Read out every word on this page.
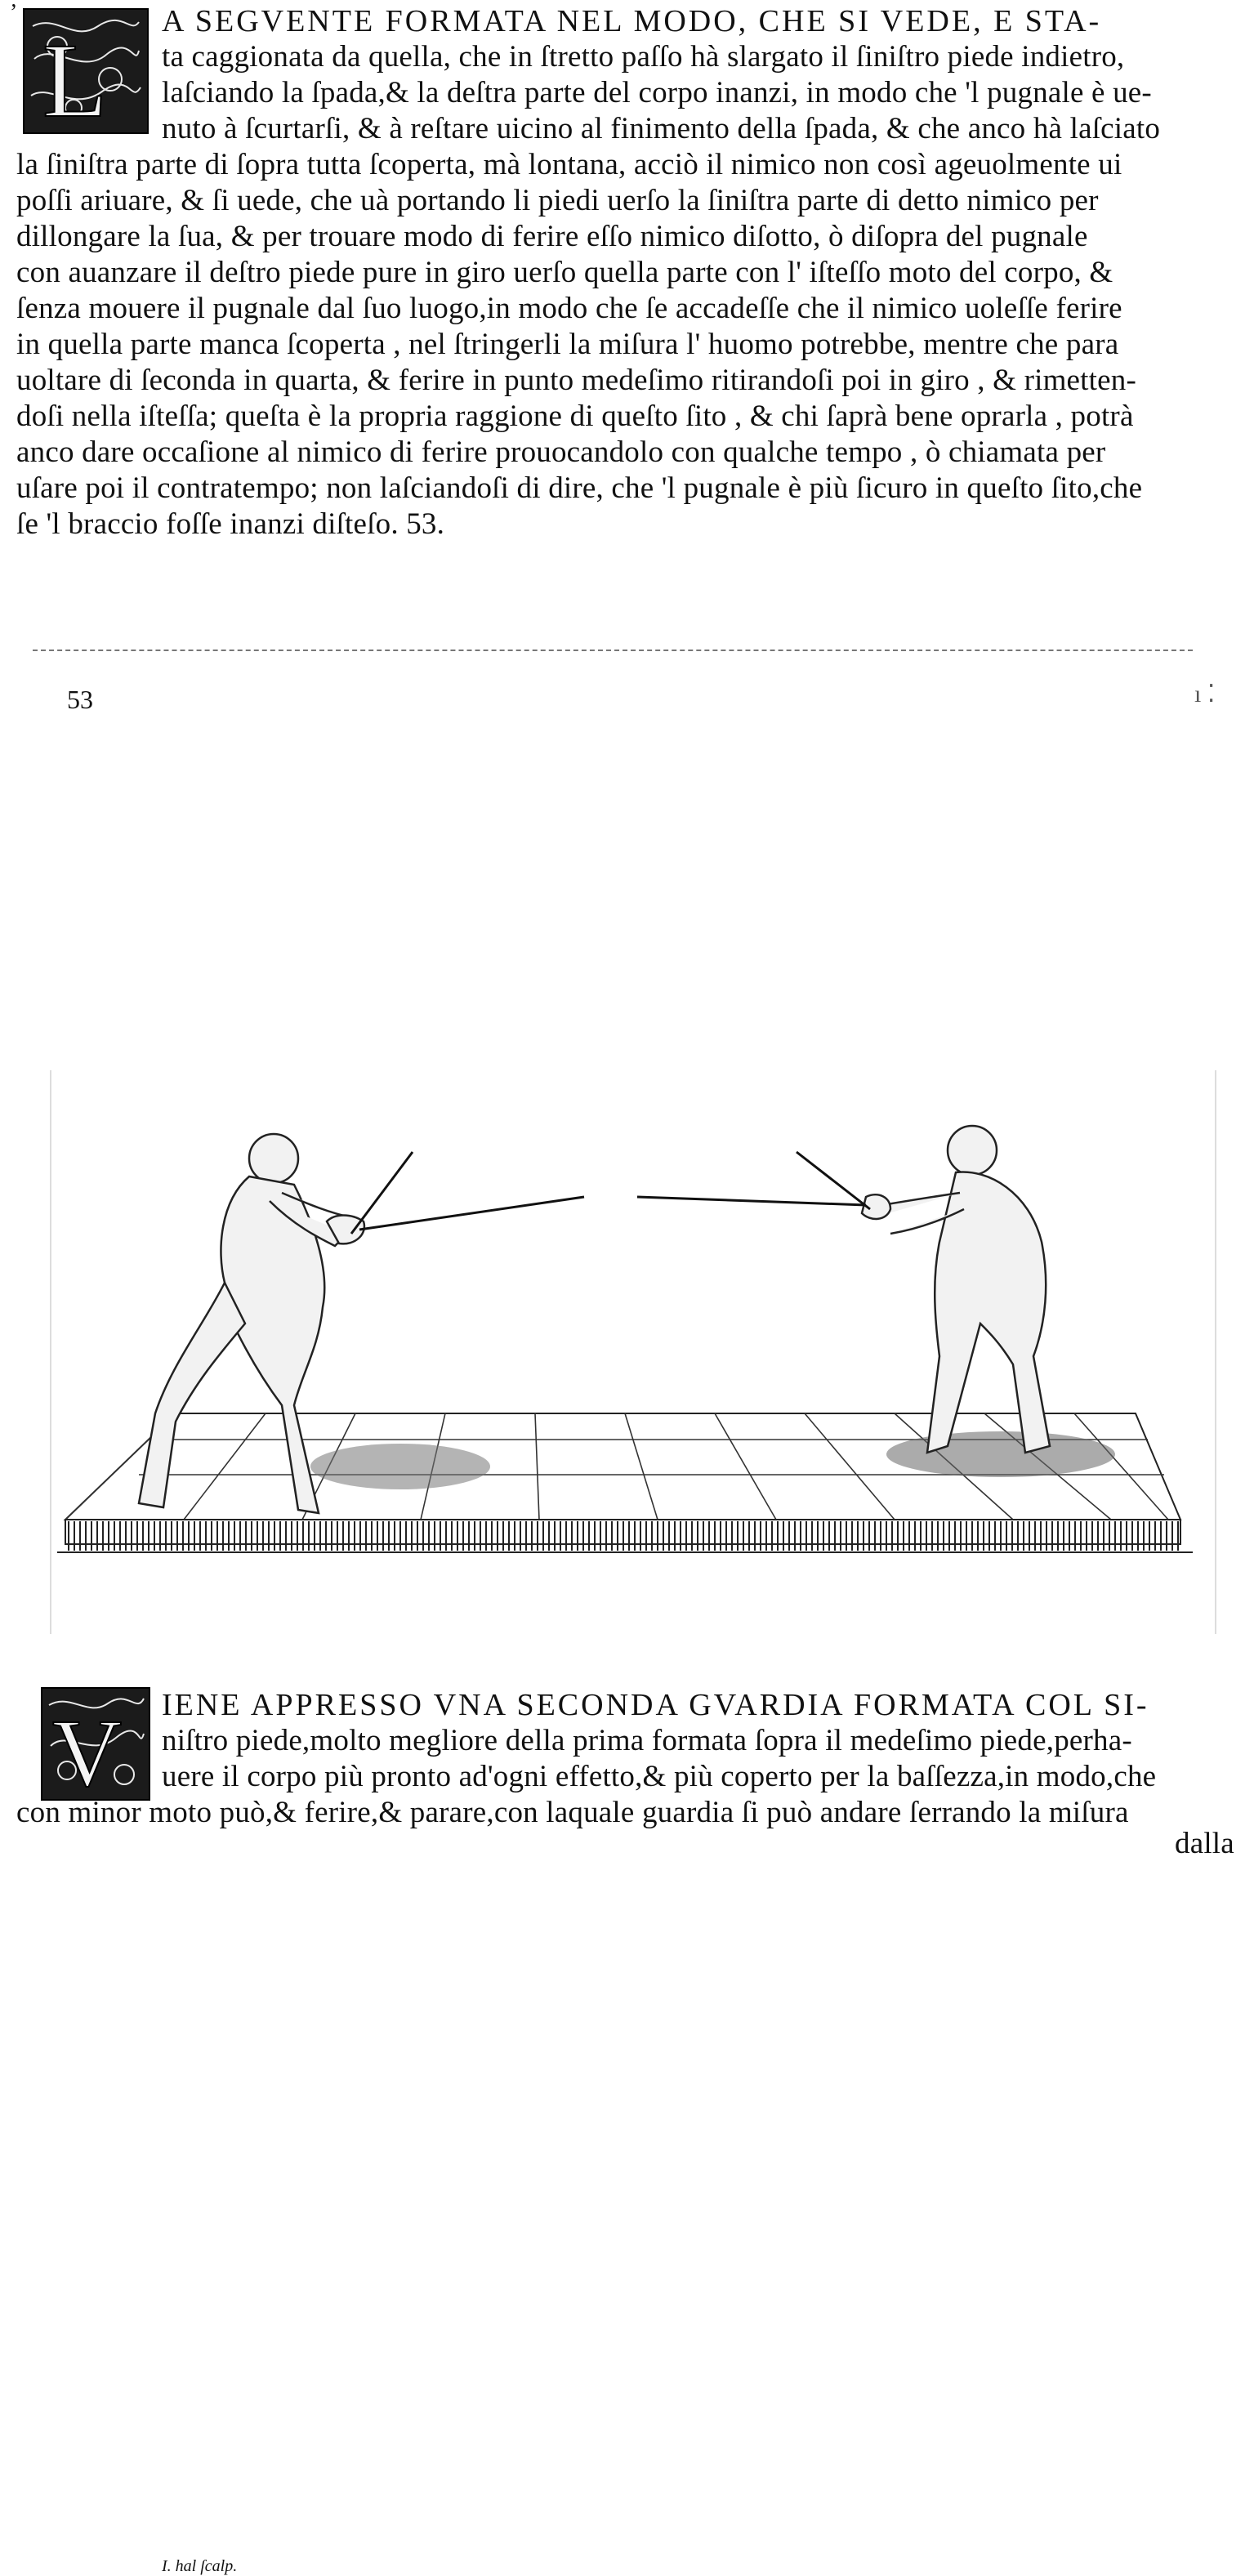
’
L
A SEGVENTE FORMATA NEL MODO, CHE SI VEDE, E STA-
ta caggionata da quella, che in ſtretto paſſo hà slargato il ſiniſtro piede indietro,
laſciando la ſpada,& la deſtra parte del corpo inanzi, in modo che 'l pugnale è ue-
nuto à ſcurtarſi, & à reſtare uicino al finimento della ſpada, & che anco hà laſciato
la ſiniſtra parte di ſopra tutta ſcoperta, mà lontana, acciò il nimico non così ageuolmente ui
poſſi ariuare, & ſi uede, che uà portando li piedi uerſo la ſiniſtra parte di detto nimico per
dillongare la ſua, & per trouare modo di ferire eſſo nimico diſotto, ò diſopra del pugnale
con auanzare il deſtro piede pure in giro uerſo quella parte con l' iſteſſo moto del corpo, &
ſenza mouere il pugnale dal ſuo luogo,in modo che ſe accadeſſe che il nimico uoleſſe ferire
in quella parte manca ſcoperta , nel ſtringerli la miſura l' huomo potrebbe, mentre che para
uoltare di ſeconda in quarta, & ferire in punto medeſimo ritirandoſi poi in giro , & rimetten-
doſi nella iſteſſa; queſta è la propria raggione di queſto ſito , & chi ſaprà bene oprarla , potrà
anco dare occaſione al nimico di ferire prouocandolo con qualche tempo , ò chiamata per
uſare poi il contratempo; non laſciandoſi di dire, che 'l pugnale è più ſicuro in queſto ſito,che
ſe 'l braccio foſſe inanzi diſteſo. 53.
53	ı ⁚
I. hal ſcalp.
V IENE APPRESSO VNA SECONDA GVARDIA FORMATA COL SI-
niſtro piede,molto megliore della prima formata ſopra il medeſimo piede,perha-
uere il corpo più pronto ad'ogni effetto,& più coperto per la baſſezza,in modo,che
con minor moto può,& ferire,& parare,con laquale guardia ſi può andare ſerrando la miſura
dalla
